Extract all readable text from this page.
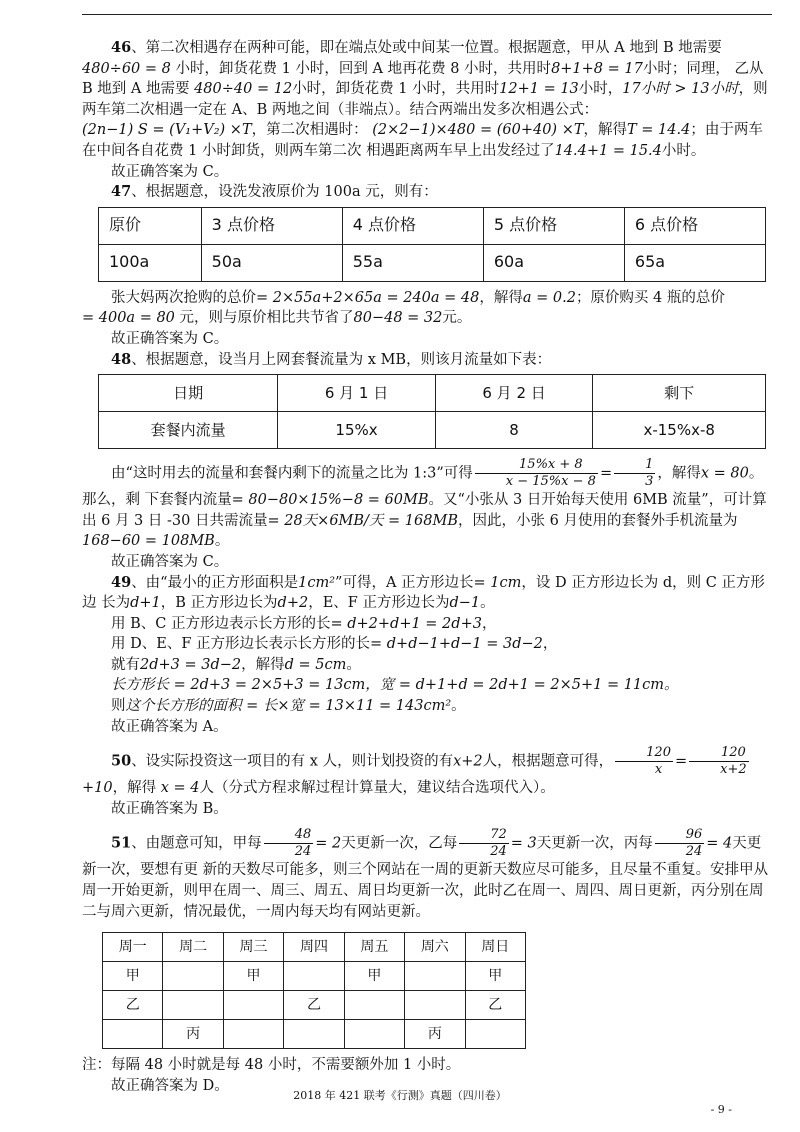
46、第二次相遇存在两种可能，即在端点处或中间某一位置。根据题意，甲从 A 地到 B 地需要480÷60 = 8 小时，卸货花费 1 小时，回到 A 地再花费 8 小时，共用时8+1+8 = 17小时；同理， 乙从 B 地到 A 地需要 480÷40 = 12小时，卸货花费 1 小时，共用时12+1 = 13小时，17小时 > 13小时，则两车第二次相遇一定在 A、B 两地之间（非端点）。结合两端出发多次相遇公式：(2n−1) S = (V₁+V₂) ×T，第二次相遇时： (2×2−1)×480 = (60+40) ×T，解得T = 14.4；由于两车在中间各自花费 1 小时卸货，则两车第二次 相遇距离两车早上出发经过了14.4+1 = 15.4小时。

故正确答案为 C。

47、根据题意，设洗发液原价为 100a 元，则有：

原价	3 点价格	4 点价格	5 点价格	6 点价格
100a	50a	55a	60a	65a

张大妈两次抢购的总价= 2×55a+2×65a = 240a = 48，解得a = 0.2；原价购买 4 瓶的总价= 400a = 80 元，则与原价相比共节省了80−48 = 32元。

故正确答案为 C。

48、根据题意，设当月上网套餐流量为 x MB，则该月流量如下表：

日期	6 月 1 日	6 月 2 日	剩下
套餐内流量	15%x	8	x-15%x-8

由“这时用去的流量和套餐内剩下的流量之比为 1:3”可得 $\frac{15\%x + 8}{x - 15\%x - 8} = \frac{1}{3}$ ，解得x = 80。那么，剩 下套餐内流量= 80−80×15%−8 = 60MB。又“小张从 3 日开始每天使用 6MB 流量”，可计算出 6 月 3 日 -30 日共需流量= 28天×6MB/天 = 168MB，因此，小张 6 月使用的套餐外手机流量为168−60 = 108MB。

故正确答案为 C。

49、由“最小的正方形面积是1cm²”可得，A 正方形边长= 1cm，设 D 正方形边长为 d，则 C 正方形边 长为d+1，B 正方形边长为d+2，E、F 正方形边长为d−1。

用 B、C 正方形边表示长方形的长= d+2+d+1 = 2d+3，

用 D、E、F 正方形边长表示长方形的长= d+d−1+d−1 = 3d−2，

就有2d+3 = 3d−2，解得d = 5cm。

长方形长 = 2d+3 = 2×5+3 = 13cm，宽 = d+1+d = 2d+1 = 2×5+1 = 11cm。

则这个长方形的面积 = 长×宽 = 13×11 = 143cm²。

故正确答案为 A。

50、设实际投资这一项目的有 x 人，则计划投资的有x+2人，根据题意可得， $\frac{120}{x} = \frac{120}{x+2}$
+10，解得 x = 4人（分式方程求解过程计算量大，建议结合选项代入）。

故正确答案为 B。

51、由题意可知，甲每 $\frac{48}{24} = 2$天更新一次，乙每 $\frac{72}{24} = 3$天更新一次，丙每 $\frac{96}{24} = 4$天更新一次，要想有更 新的天数尽可能多，则三个网站在一周的更新天数应尽可能多，且尽量不重复。安排甲从周一开始更新，则甲在周一、周三、周五、周日均更新一次，此时乙在周一、周四、周日更新，丙分别在周二与周六更新，情况最优，一周内每天均有网站更新。

周一	周二	周三	周四	周五	周六	周日
甲		甲		甲		甲
乙			乙			乙
	丙				丙	

注：每隔 48 小时就是每 48 小时，不需要额外加 1 小时。

故正确答案为 D。

2018 年 421 联考《行测》真题（四川卷）
- 9 -
